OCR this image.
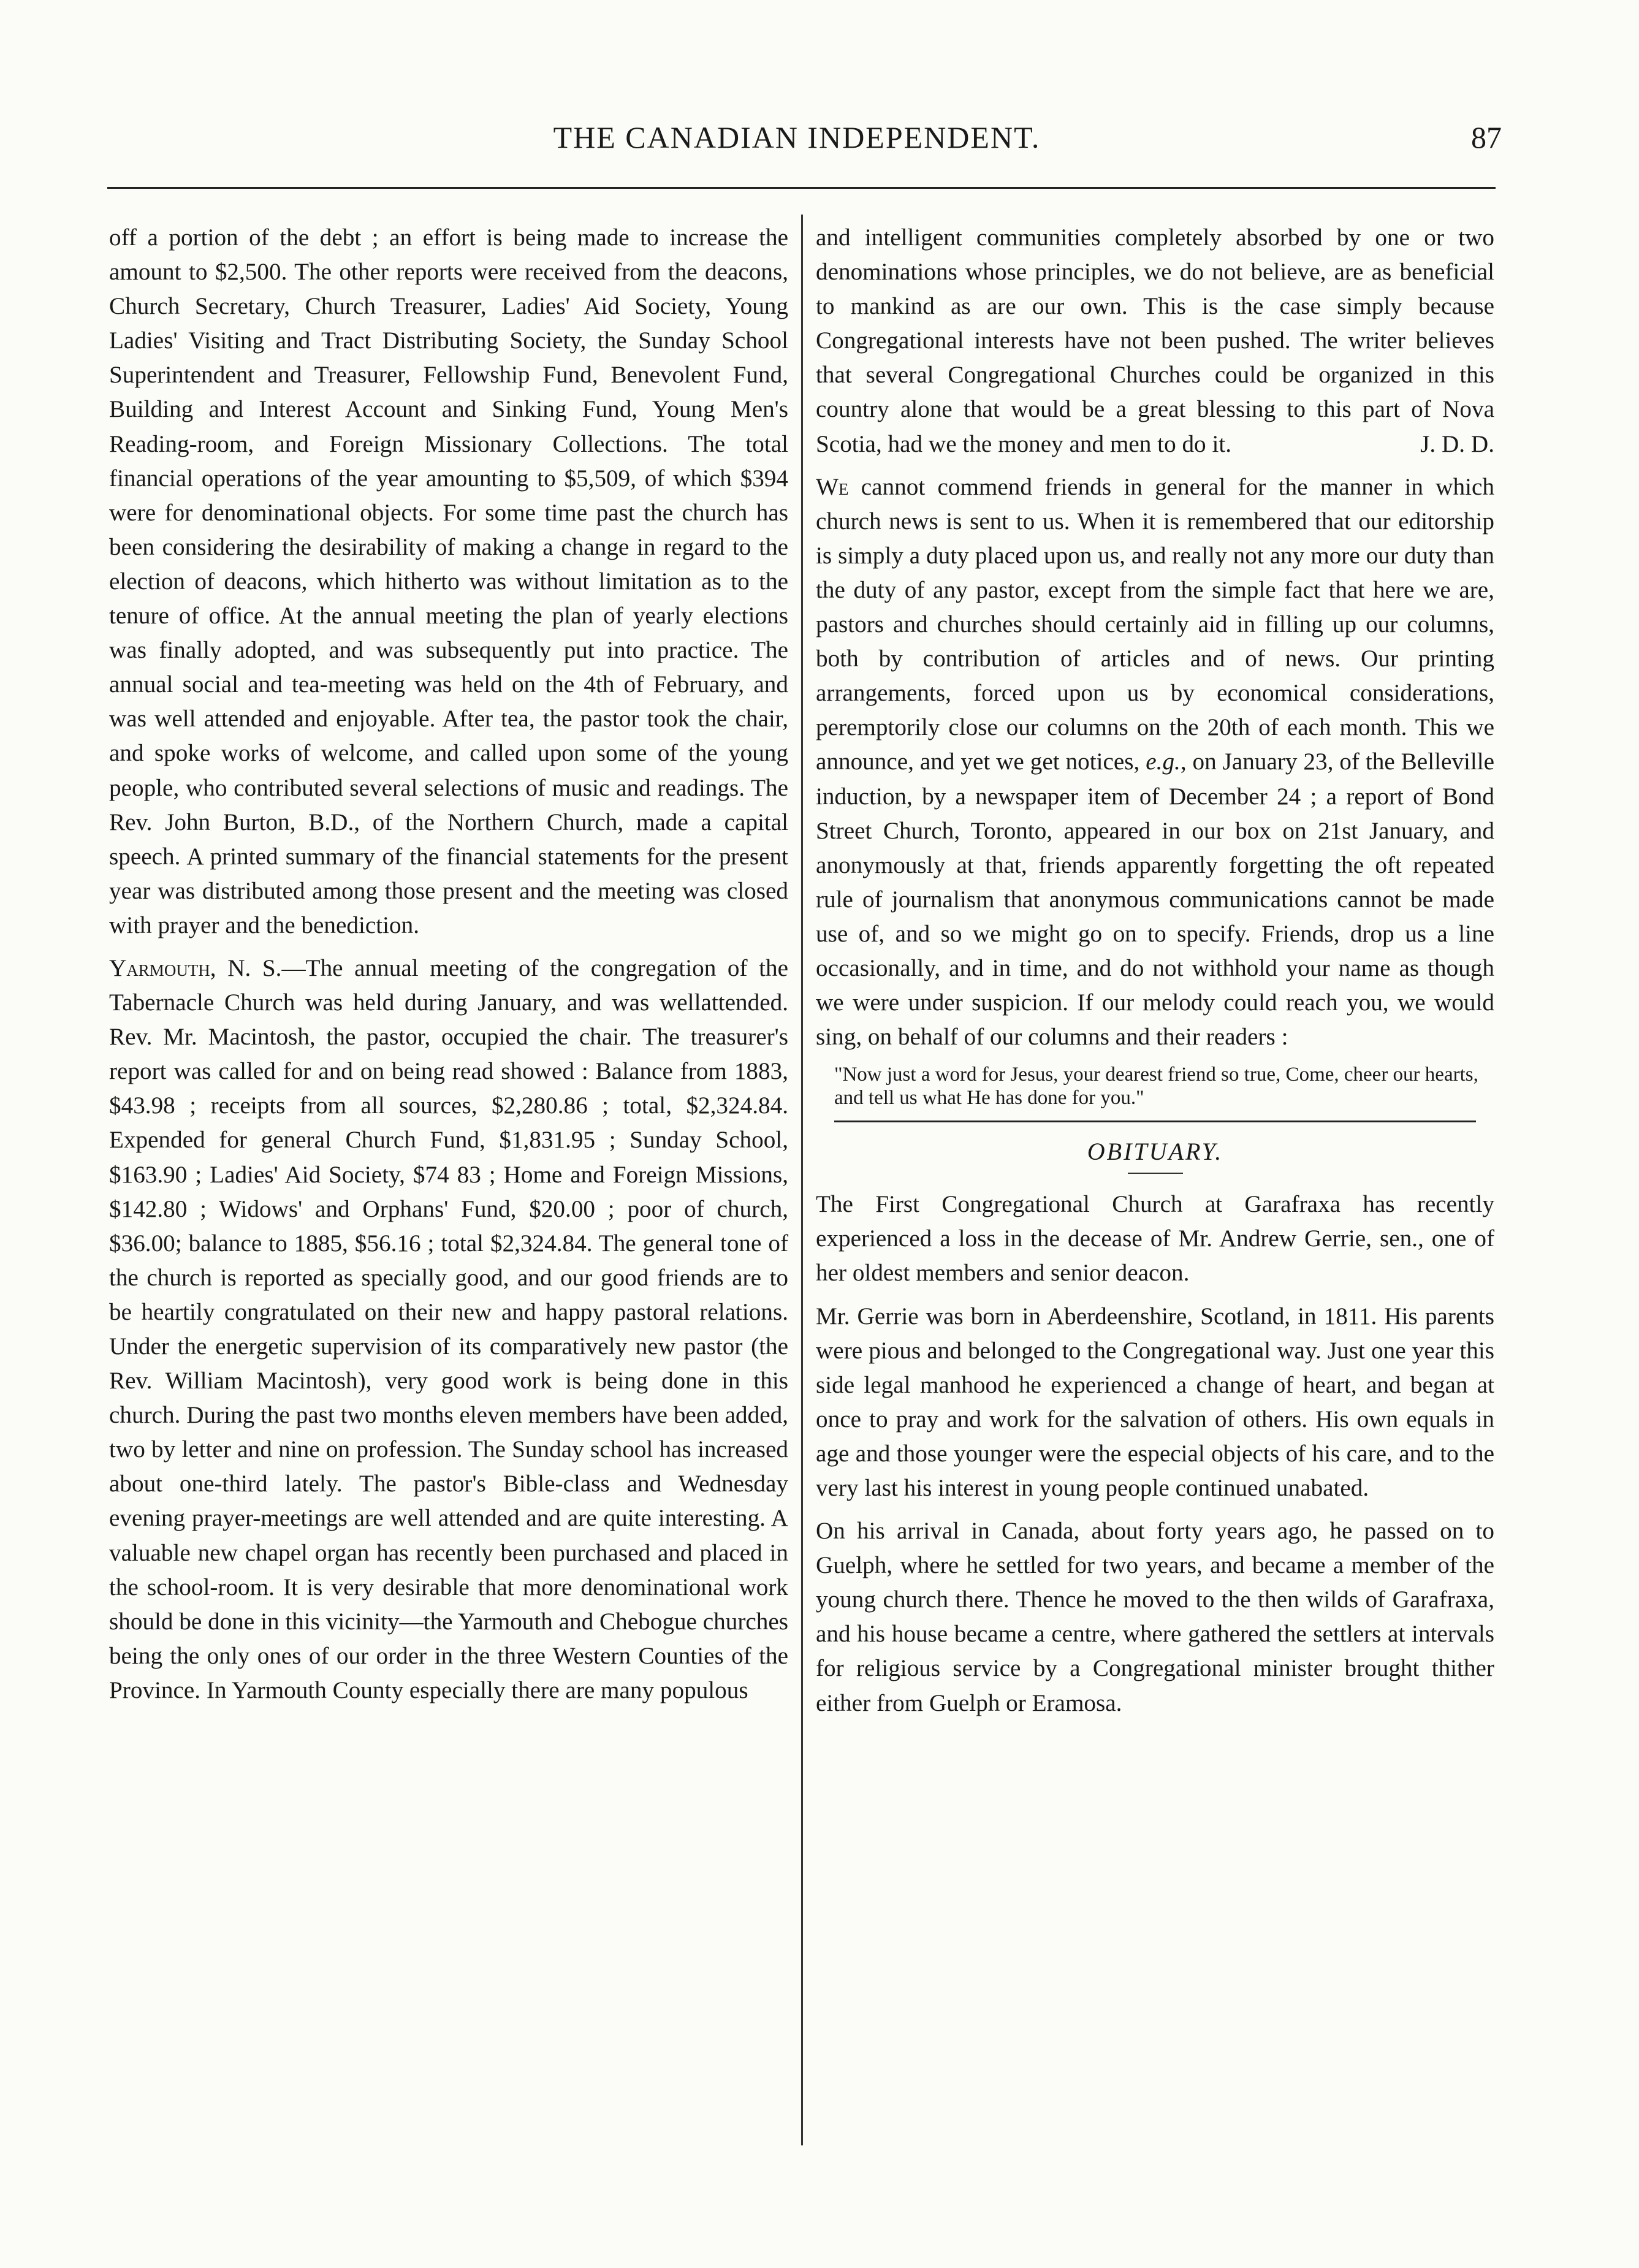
THE CANADIAN INDEPENDENT.	87

off a portion of the debt ; an effort is being made to increase the amount to $2,500. The other reports were received from the deacons, Church Secretary, Church Treasurer, Ladies' Aid Society, Young Ladies' Visiting and Tract Distributing Society, the Sunday School Superintendent and Treasurer, Fellowship Fund, Benevolent Fund, Building and Interest Account and Sinking Fund, Young Men's Reading-room, and Foreign Missionary Collections. The total financial operations of the year amounting to $5,509, of which $394 were for denominational objects. For some time past the church has been considering the desirability of making a change in regard to the election of deacons, which hitherto was without limitation as to the tenure of office. At the annual meeting the plan of yearly elections was finally adopted, and was subsequently put into practice. The annual social and tea-meeting was held on the 4th of February, and was well attended and enjoyable. After tea, the pastor took the chair, and spoke works of welcome, and called upon some of the young people, who contributed several selections of music and readings. The Rev. John Burton, B.D., of the Northern Church, made a capital speech. A printed summary of the financial statements for the present year was distributed among those present and the meeting was closed with prayer and the benediction.

Yarmouth, N. S.—The annual meeting of the congregation of the Tabernacle Church was held during January, and was wellattended. Rev. Mr. Macintosh, the pastor, occupied the chair. The treasurer's report was called for and on being read showed : Balance from 1883, $43.98 ; receipts from all sources, $2,280.86 ; total, $2,324.84. Expended for general Church Fund, $1,831.95 ; Sunday School, $163.90 ; Ladies' Aid Society, $74 83 ; Home and Foreign Missions, $142.80 ; Widows' and Orphans' Fund, $20.00 ; poor of church, $36.00; balance to 1885, $56.16 ; total $2,324.84. The general tone of the church is reported as specially good, and our good friends are to be heartily congratulated on their new and happy pastoral relations. Under the energetic supervision of its comparatively new pastor (the Rev. William Macintosh), very good work is being done in this church. During the past two months eleven members have been added, two by letter and nine on profession. The Sunday school has increased about one-third lately. The pastor's Bible-class and Wednesday evening prayer-meetings are well attended and are quite interesting. A valuable new chapel organ has recently been purchased and placed in the school-room. It is very desirable that more denominational work should be done in this vicinity—the Yarmouth and Chebogue churches being the only ones of our order in the three Western Counties of the Province. In Yarmouth County especially there are many populous

and intelligent communities completely absorbed by one or two denominations whose principles, we do not believe, are as beneficial to mankind as are our own. This is the case simply because Congregational interests have not been pushed. The writer believes that several Congregational Churches could be organized in this country alone that would be a great blessing to this part of Nova Scotia, had we the money and men to do it.	J. D. D.

We cannot commend friends in general for the manner in which church news is sent to us. When it is remembered that our editorship is simply a duty placed upon us, and really not any more our duty than the duty of any pastor, except from the simple fact that here we are, pastors and churches should certainly aid in filling up our columns, both by contribution of articles and of news. Our printing arrangements, forced upon us by economical considerations, peremptorily close our columns on the 20th of each month. This we announce, and yet we get notices, e.g., on January 23, of the Belleville induction, by a newspaper item of December 24 ; a report of Bond Street Church, Toronto, appeared in our box on 21st January, and anonymously at that, friends apparently forgetting the oft repeated rule of journalism that anonymous communications cannot be made use of, and so we might go on to specify. Friends, drop us a line occasionally, and in time, and do not withhold your name as though we were under suspicion. If our melody could reach you, we would sing, on behalf of our columns and their readers :

"Now just a word for Jesus, your dearest friend so true, Come, cheer our hearts, and tell us what He has done for you."
OBITUARY.

The First Congregational Church at Garafraxa has recently experienced a loss in the decease of Mr. Andrew Gerrie, sen., one of her oldest members and senior deacon.

Mr. Gerrie was born in Aberdeenshire, Scotland, in 1811. His parents were pious and belonged to the Congregational way. Just one year this side legal manhood he experienced a change of heart, and began at once to pray and work for the salvation of others. His own equals in age and those younger were the especial objects of his care, and to the very last his interest in young people continued unabated.

On his arrival in Canada, about forty years ago, he passed on to Guelph, where he settled for two years, and became a member of the young church there. Thence he moved to the then wilds of Garafraxa, and his house became a centre, where gathered the settlers at intervals for religious service by a Congregational minister brought thither either from Guelph or Eramosa.
